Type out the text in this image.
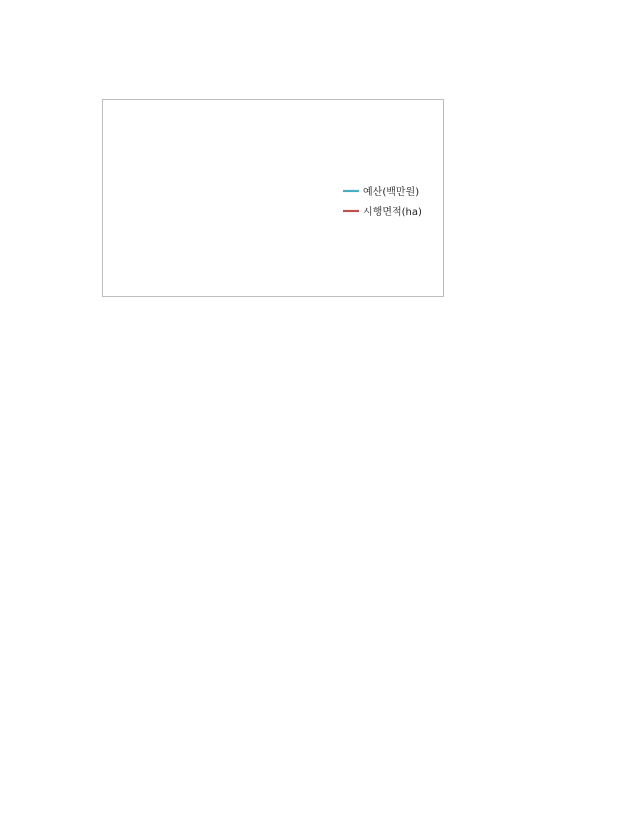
예산(백만원)
시행면적(ha)
